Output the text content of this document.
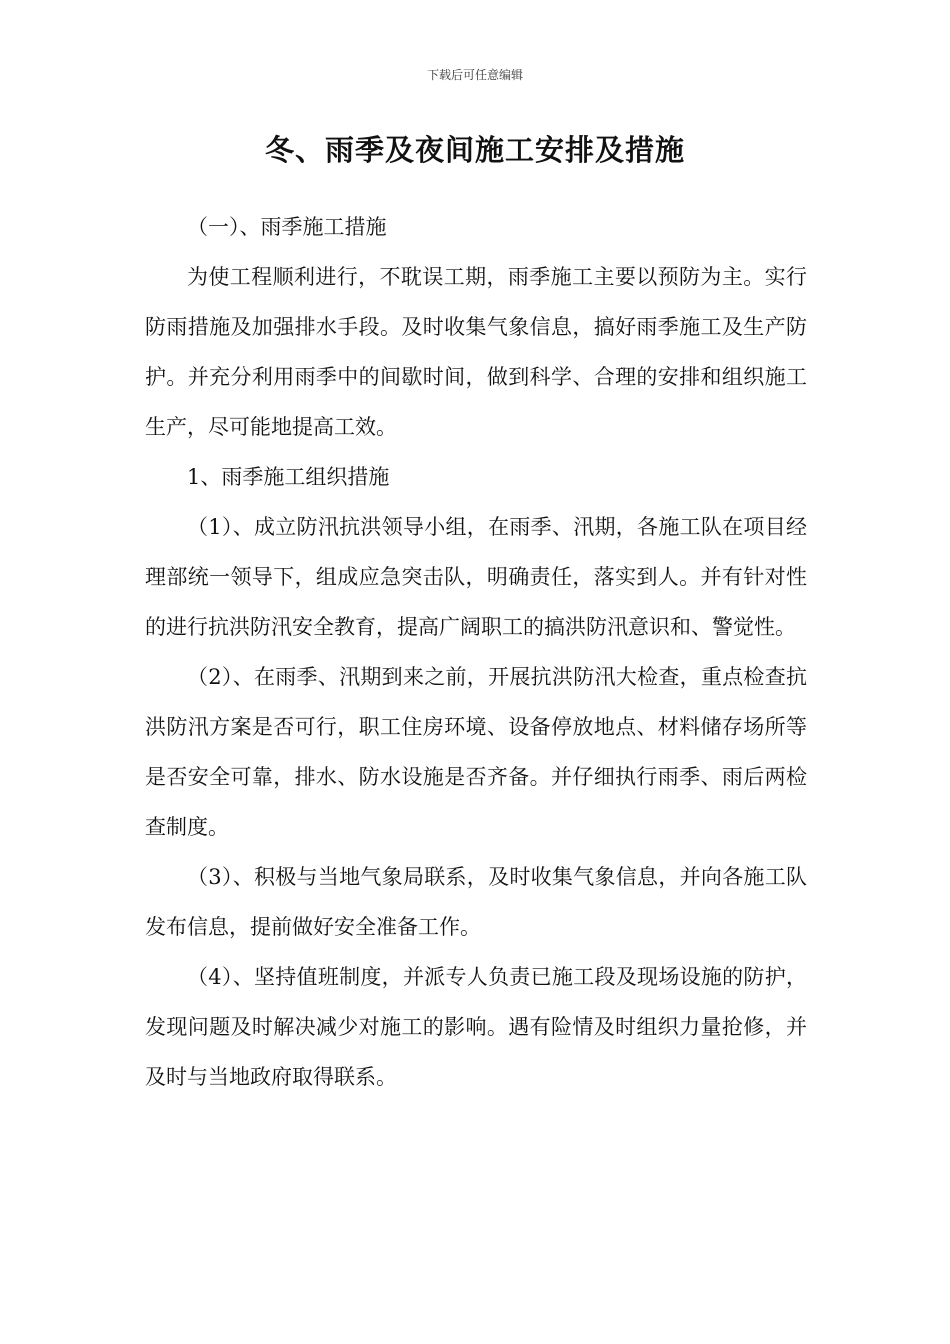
下载后可任意编辑
冬、雨季及夜间施工安排及措施

（一）、雨季施工措施

为使工程顺利进行，不耽误工期，雨季施工主要以预防为主。实行防雨措施及加强排水手段。及时收集气象信息，搞好雨季施工及生产防护。并充分利用雨季中的间歇时间，做到科学、合理的安排和组织施工生产，尽可能地提高工效。

1、雨季施工组织措施

（1）、成立防汛抗洪领导小组，在雨季、汛期，各施工队在项目经理部统一领导下，组成应急突击队，明确责任，落实到人。并有针对性的进行抗洪防汛安全教育，提高广阔职工的搞洪防汛意识和、警觉性。

（2）、在雨季、汛期到来之前，开展抗洪防汛大检查，重点检查抗洪防汛方案是否可行，职工住房环境、设备停放地点、材料储存场所等是否安全可靠，排水、防水设施是否齐备。并仔细执行雨季、雨后两检查制度。

（3）、积极与当地气象局联系，及时收集气象信息，并向各施工队发布信息，提前做好安全准备工作。

（4）、坚持值班制度，并派专人负责已施工段及现场设施的防护，发现问题及时解决减少对施工的影响。遇有险情及时组织力量抢修，并及时与当地政府取得联系。
